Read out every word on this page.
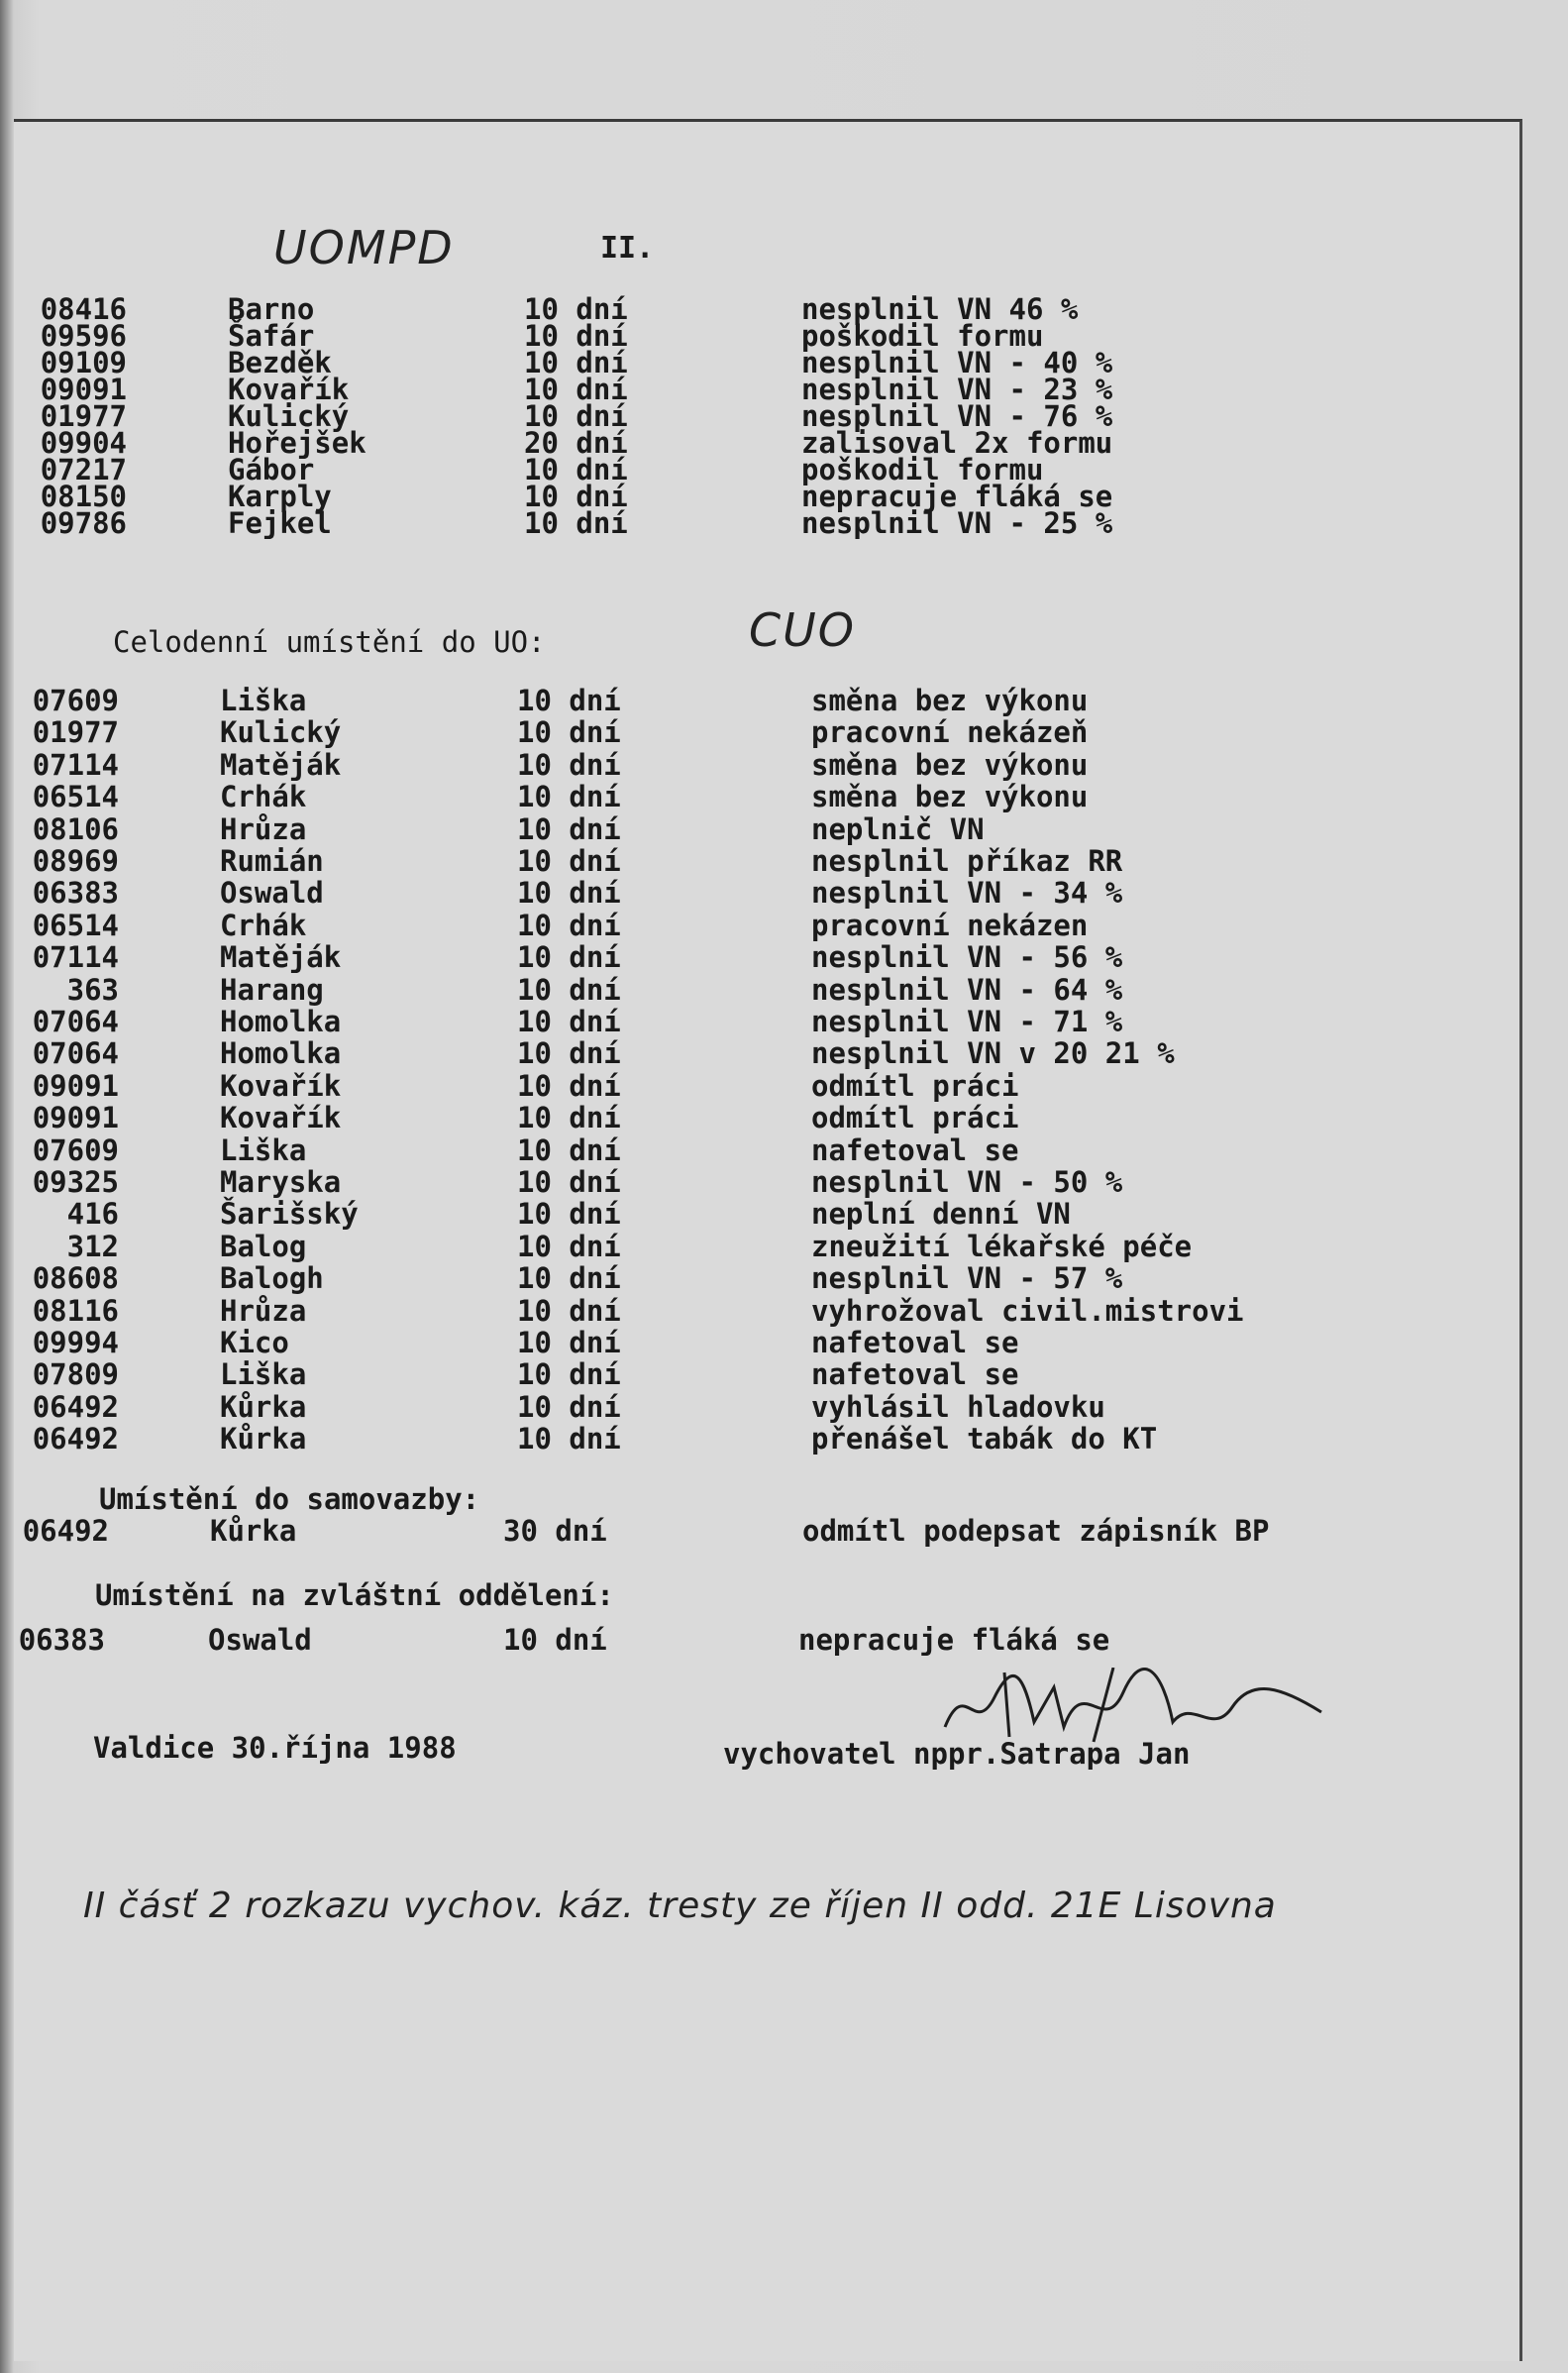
UOMPD	II.
08416	Barno	10 dní	nesplnil VN 46 %
09596	Šafár	10 dní	poškodil formu
09109	Bezděk	10 dní	nesplnil VN - 40 %
09091	Kovařík	10 dní	nesplnil VN - 23 %
01977	Kulický	10 dní	nesplnil VN - 76 %
09904	Hořejšek	20 dní	zalisoval 2x formu
07217	Gábor	10 dní	poškodil formu
08150	Karply	10 dní	nepracuje fláká se
09786	Fejkel	10 dní	nesplnil VN - 25 %
Celodenní umístění do UO:	CUO
07609	Liška	10 dní	směna bez výkonu
01977	Kulický	10 dní	pracovní nekázeň
07114	Matěják	10 dní	směna bez výkonu
06514	Crhák	10 dní	směna bez výkonu
08106	Hrůza	10 dní	neplnič VN
08969	Rumián	10 dní	nesplnil příkaz RR
06383	Oswald	10 dní	nesplnil VN - 34 %
06514	Crhák	10 dní	pracovní nekázen
07114	Matěják	10 dní	nesplnil VN - 56 %
363	Harang	10 dní	nesplnil VN - 64 %
07064	Homolka	10 dní	nesplnil VN - 71 %
07064	Homolka	10 dní	nesplnil VN v 20 21 %
09091	Kovařík	10 dní	odmítl práci
09091	Kovařík	10 dní	odmítl práci
07609	Liška	10 dní	nafetoval se
09325	Maryska	10 dní	nesplnil VN - 50 %
416	Šarišský	10 dní	neplní denní VN
312	Balog	10 dní	zneužití lékařské péče
08608	Balogh	10 dní	nesplnil VN - 57 %
08116	Hrůza	10 dní	vyhrožoval civil.mistrovi
09994	Kico	10 dní	nafetoval se
07809	Liška	10 dní	nafetoval se
06492	Kůrka	10 dní	vyhlásil hladovku
06492	Kůrka	10 dní	přenášel tabák do KT
Umístění do samovazby:
06492	Kůrka	30 dní	odmítl podepsat zápisník BP
Umístění na zvláštní oddělení:
06383	Oswald	10 dní	nepracuje fláká se
Valdice 30.října 1988	vychovatel nppr.Satrapa Jan
II čásť 2 rozkazu vychov. káz. trestу ze říjen II odd. 21E Lisovna
